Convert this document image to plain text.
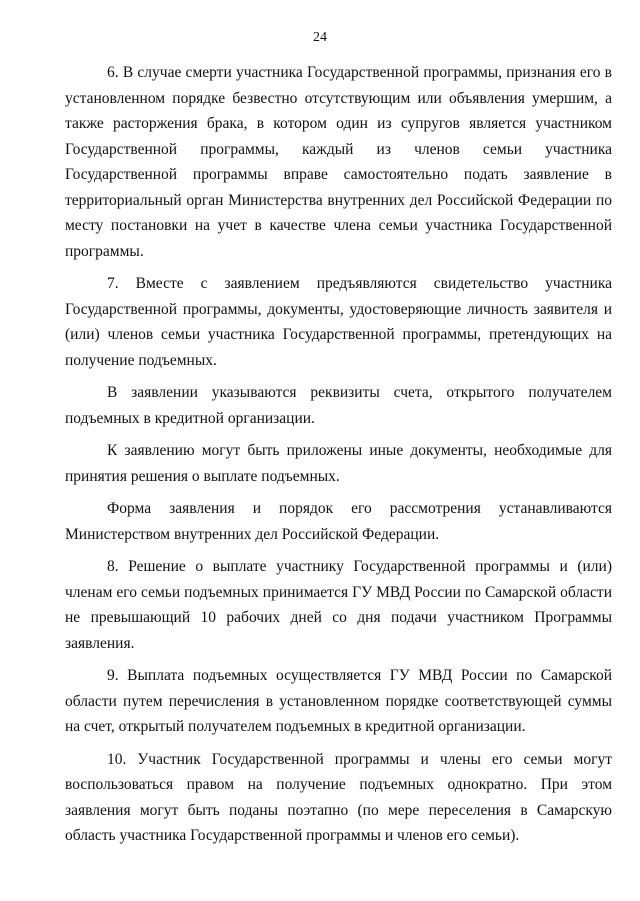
24

6. В случае смерти участника Государственной программы, признания его в установленном порядке безвестно отсутствующим или объявления умершим, а также расторжения брака, в котором один из супругов является участником Государственной программы, каждый из членов семьи участника Государственной программы вправе самостоятельно подать заявление в территориальный орган Министерства внутренних дел Российской Федерации по месту постановки на учет в качестве члена семьи участника Государственной программы.

7. Вместе с заявлением предъявляются свидетельство участника Государственной программы, документы, удостоверяющие личность заявителя и (или) членов семьи участника Государственной программы, претендующих на получение подъемных.

В заявлении указываются реквизиты счета, открытого получателем подъемных в кредитной организации.

К заявлению могут быть приложены иные документы, необходимые для принятия решения о выплате подъемных.

Форма заявления и порядок его рассмотрения устанавливаются Министерством внутренних дел Российской Федерации.

8. Решение о выплате участнику Государственной программы и (или) членам его семьи подъемных принимается ГУ МВД России по Самарской области не превышающий 10 рабочих дней со дня подачи участником Программы заявления.

9. Выплата подъемных осуществляется ГУ МВД России по Самарской области путем перечисления в установленном порядке соответствующей суммы на счет, открытый получателем подъемных в кредитной организации.

10. Участник Государственной программы и члены его семьи могут воспользоваться правом на получение подъемных однократно. При этом заявления могут быть поданы поэтапно (по мере переселения в Самарскую область участника Государственной программы и членов его семьи).
